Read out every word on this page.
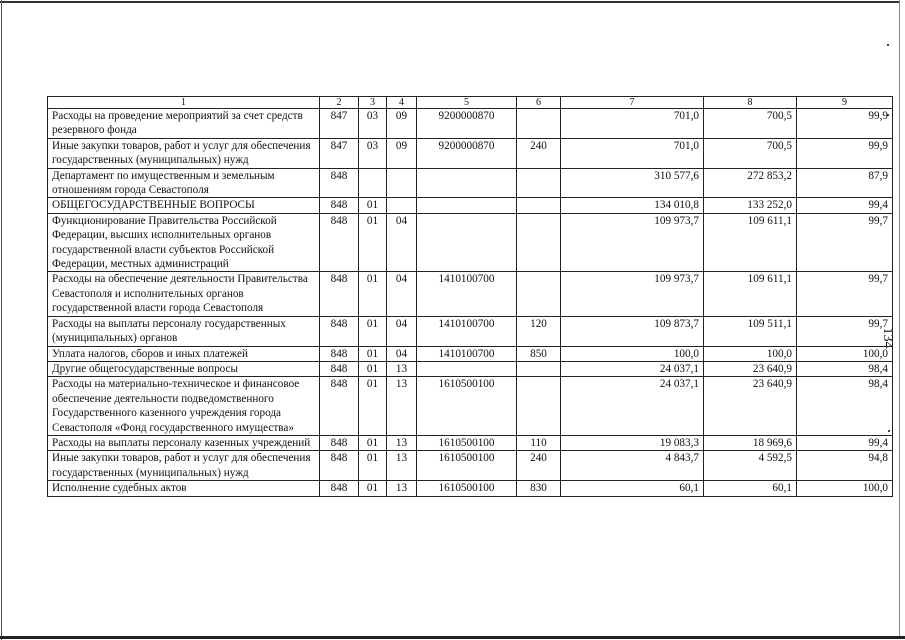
134
1	2	3	4	5	6	7	8	9
Расходы на проведение мероприятий за счет средств резервного фонда	847	03	09	9200000870		701,0	700,5	99,9
Иные закупки товаров, работ и услуг для обеспечения государственных (муниципальных) нужд	847	03	09	9200000870	240	701,0	700,5	99,9
Департамент по имущественным и земельным отношениям города Севастополя	848					310 577,6	272 853,2	87,9
ОБЩЕГОСУДАРСТВЕННЫЕ ВОПРОСЫ	848	01				134 010,8	133 252,0	99,4
Функционирование Правительства Российской Федерации, высших исполнительных органов государственной власти субъектов Российской Федерации, местных администраций	848	01	04			109 973,7	109 611,1	99,7
Расходы на обеспечение деятельности Правительства Севастополя и исполнительных органов государственной власти города Севастополя	848	01	04	1410100700		109 973,7	109 611,1	99,7
Расходы на выплаты персоналу государственных (муниципальных) органов	848	01	04	1410100700	120	109 873,7	109 511,1	99,7
Уплата налогов, сборов и иных платежей	848	01	04	1410100700	850	100,0	100,0	100,0
Другие общегосударственные вопросы	848	01	13			24 037,1	23 640,9	98,4
Расходы на материально-техническое и финансовое обеспечение деятельности подведомственного Государственного казенного учреждения города Севастополя «Фонд государственного имущества»	848	01	13	1610500100		24 037,1	23 640,9	98,4
Расходы на выплаты персоналу казенных учреждений	848	01	13	1610500100	110	19 083,3	18 969,6	99,4
Иные закупки товаров, работ и услуг для обеспечения государственных (муниципальных) нужд	848	01	13	1610500100	240	4 843,7	4 592,5	94,8
Исполнение судебных актов	848	01	13	1610500100	830	60,1	60,1	100,0
